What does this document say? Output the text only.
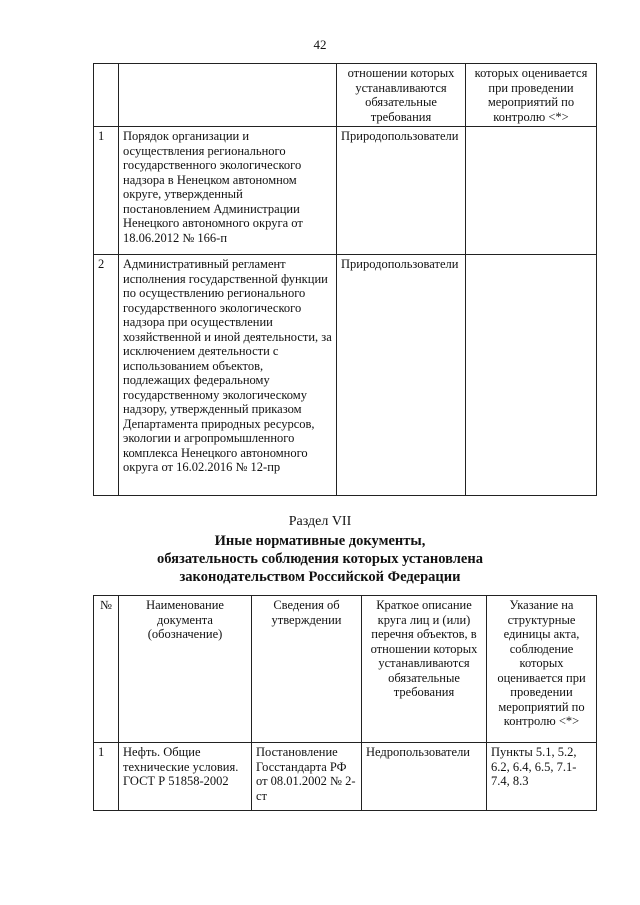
42
		отношении которых устанавливаются обязательные требования	которых оценивается при проведении мероприятий по контролю <*>
1	Порядок организации и осуществления регионального государственного экологического надзора в Ненецком автономном округе, утвержденный постановлением Администрации Ненецкого автономного округа от 18.06.2012 № 166-п	Природопользователи	
2	Административный регламент исполнения государственной функции по осуществлению регионального государственного экологического надзора при осуществлении хозяйственной и иной деятельности, за исключением деятельности с использованием объектов, подлежащих федеральному государственному экологическому надзору, утвержденный приказом Департамента природных ресурсов, экологии и агропромышленного комплекса Ненецкого автономного округа от 16.02.2016 № 12-пр	Природопользователи	
Раздел VII
Иные нормативные документы,
обязательность соблюдения которых установлена
законодательством Российской Федерации
№	Наименование документа (обозначение)	Сведения об утверждении	Краткое описание круга лиц и (или) перечня объектов, в отношении которых устанавливаются обязательные требования	Указание на структурные единицы акта, соблюдение которых оценивается при проведении мероприятий по контролю <*>
1	Нефть. Общие технические условия. ГОСТ Р 51858-2002	Постановление Госстандарта РФ от 08.01.2002 № 2-ст	Недропользователи	Пункты 5.1, 5.2, 6.2, 6.4, 6.5, 7.1-7.4, 8.3
